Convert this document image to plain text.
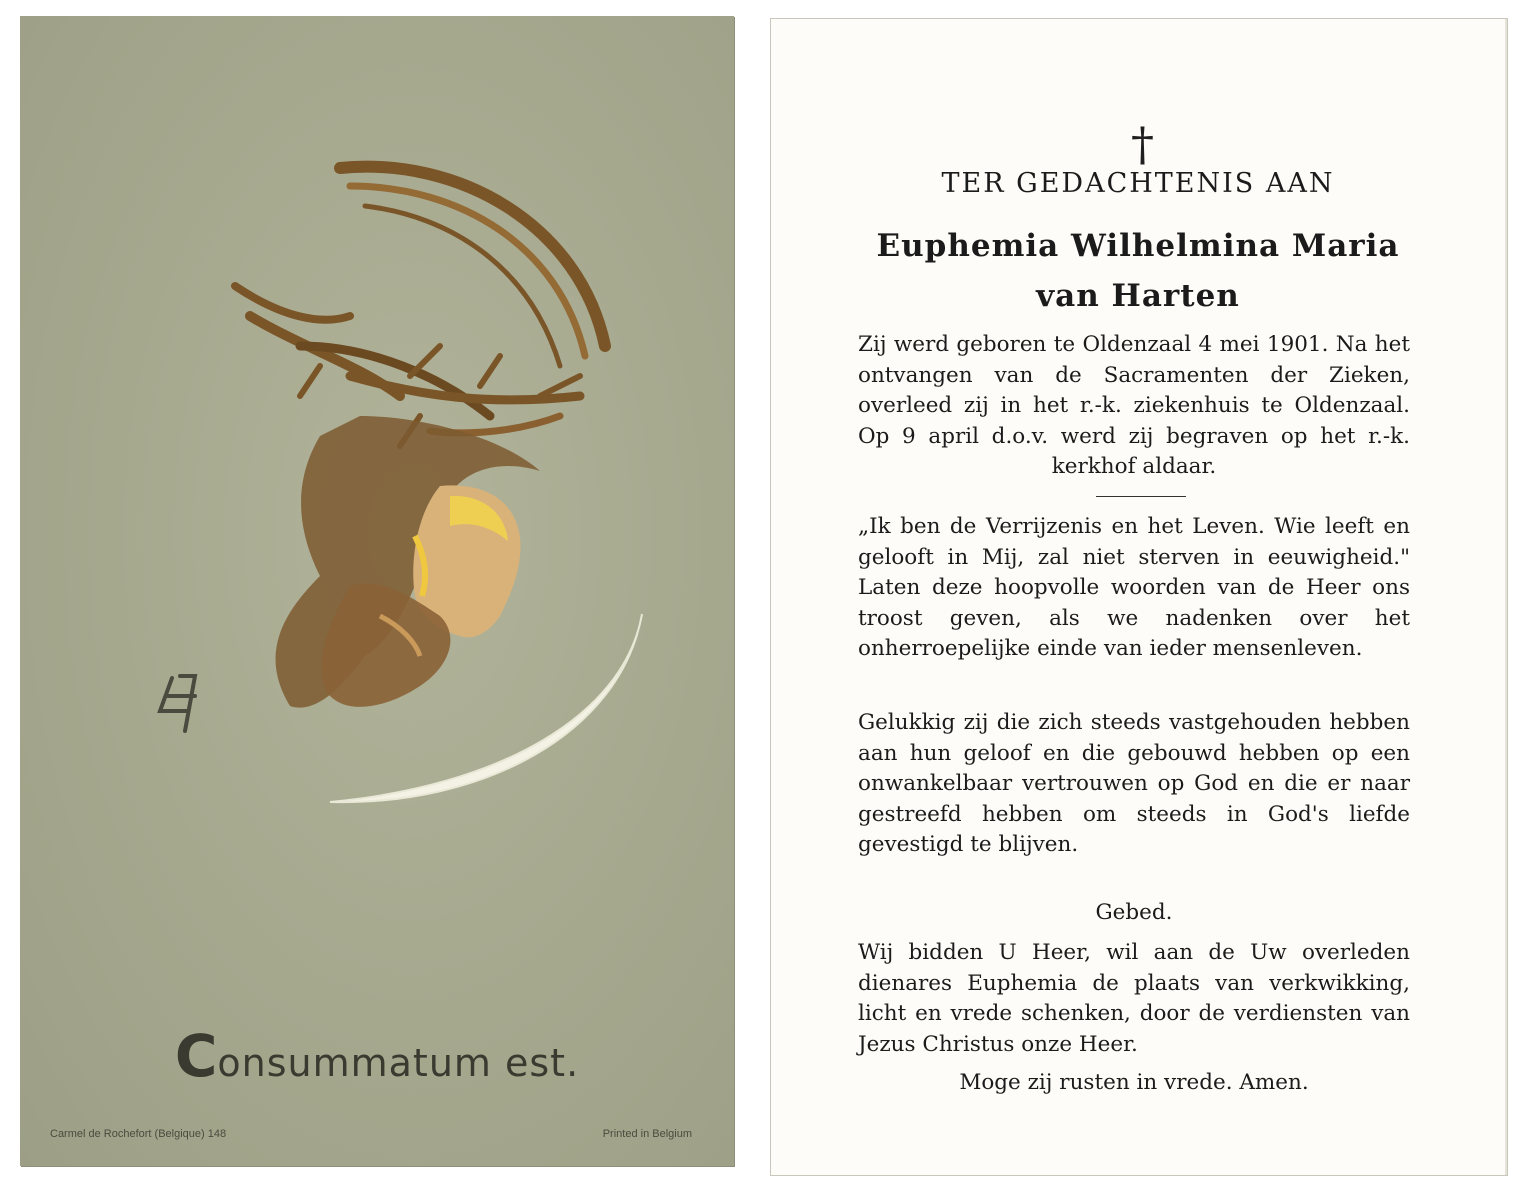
Consummatum est.
Carmel de Rochefort (Belgique) 148	Printed in Belgium
†
TER GEDACHTENIS AAN
Euphemia Wilhelmina Maria
van Harten
Zij werd geboren te Oldenzaal 4 mei 1901. Na het ontvangen van de Sacramenten der Zieken, overleed zij in het r.-k. ziekenhuis te Oldenzaal. Op 9 april d.o.v. werd zij begraven op het r.-k. kerkhof aldaar.
„Ik ben de Verrijzenis en het Leven. Wie leeft en gelooft in Mij, zal niet sterven in eeuwigheid." Laten deze hoopvolle woorden van de Heer ons troost geven, als we nadenken over het onherroepelijke einde van ieder mensenleven.
Gelukkig zij die zich steeds vastgehouden hebben aan hun geloof en die gebouwd hebben op een onwankelbaar vertrouwen op God en die er naar gestreefd hebben om steeds in God's liefde gevestigd te blijven.
Gebed.
Wij bidden U Heer, wil aan de Uw overleden dienares Euphemia de plaats van verkwikking, licht en vrede schenken, door de verdiensten van Jezus Christus onze Heer.
Moge zij rusten in vrede. Amen.
